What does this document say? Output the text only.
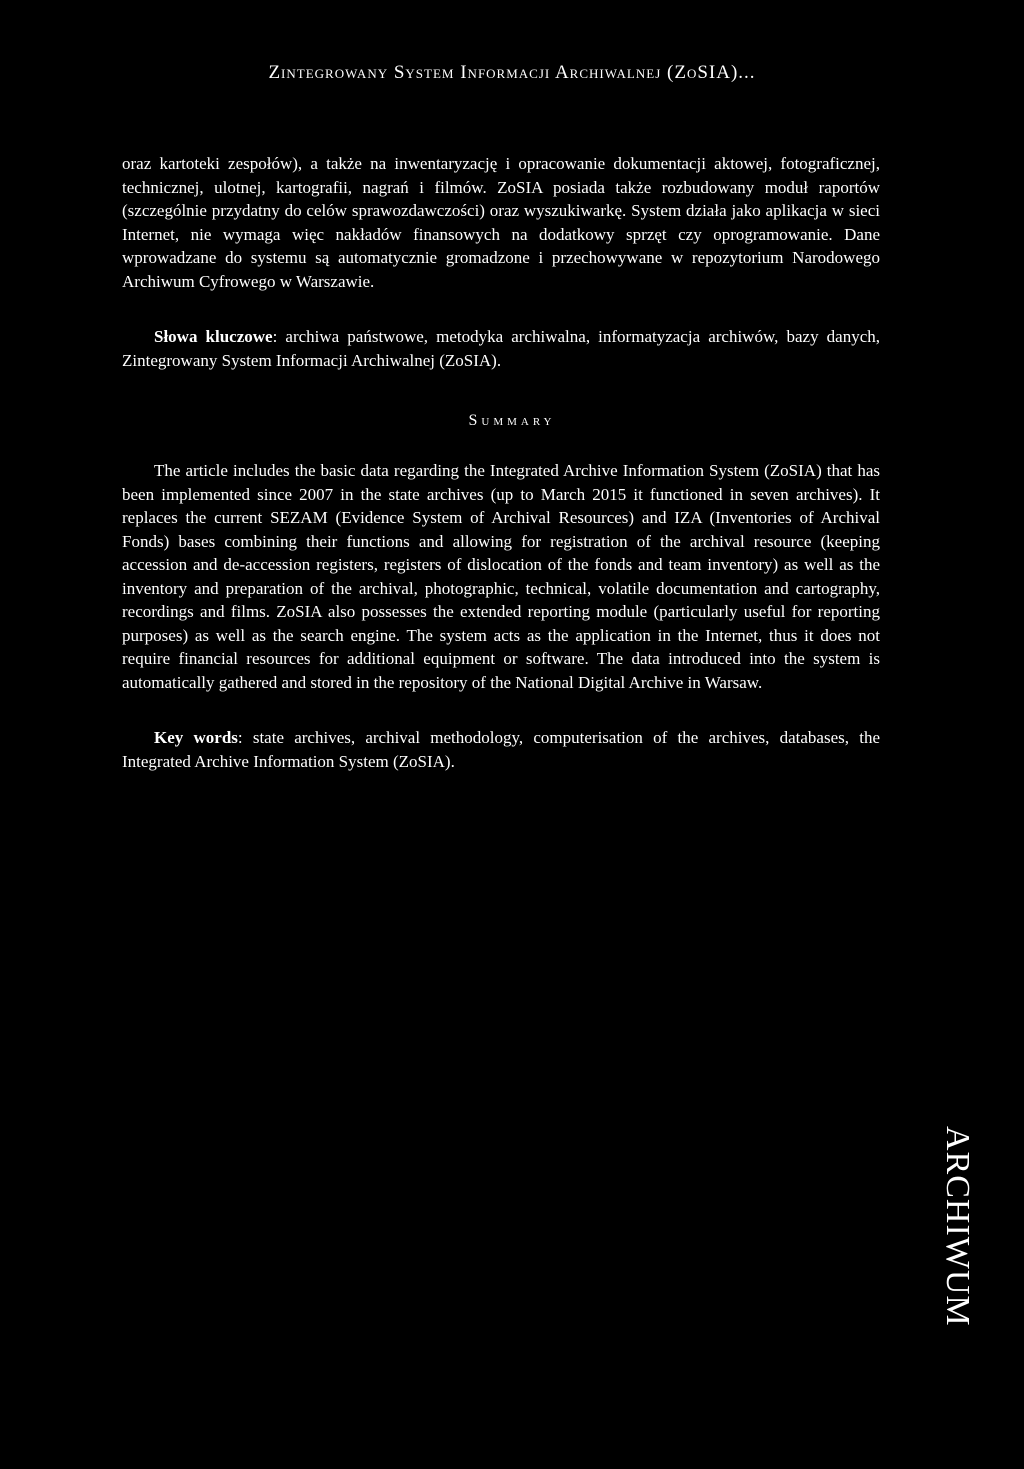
Zintegrowany System Informacji Archiwalnej (ZoSIA)...

oraz kartoteki zespołów), a także na inwentaryzację i opracowanie dokumentacji aktowej, fotograficznej, technicznej, ulotnej, kartografii, nagrań i filmów. ZoSIA posiada także rozbudowany moduł raportów (szczególnie przydatny do celów sprawozdawczości) oraz wyszukiwarkę. System działa jako aplikacja w sieci Internet, nie wymaga więc nakładów finansowych na dodatkowy sprzęt czy oprogramowanie. Dane wprowadzane do systemu są automatycznie gromadzone i przechowywane w repozytorium Narodowego Archiwum Cyfrowego w Warszawie.

Słowa kluczowe: archiwa państwowe, metodyka archiwalna, informatyzacja archiwów, bazy danych, Zintegrowany System Informacji Archiwalnej (ZoSIA).

Summary

The article includes the basic data regarding the Integrated Archive Information System (ZoSIA) that has been implemented since 2007 in the state archives (up to March 2015 it functioned in seven archives). It replaces the current SEZAM (Evidence System of Archival Resources) and IZA (Inventories of Archival Fonds) bases combining their functions and allowing for registration of the archival resource (keeping accession and de-accession registers, registers of dislocation of the fonds and team inventory) as well as the inventory and preparation of the archival, photographic, technical, volatile documentation and cartography, recordings and films. ZoSIA also possesses the extended reporting module (particularly useful for reporting purposes) as well as the search engine. The system acts as the application in the Internet, thus it does not require financial resources for additional equipment or software. The data introduced into the system is automatically gathered and stored in the repository of the National Digital Archive in Warsaw.

Key words: state archives, archival methodology, computerisation of the archives, databases, the Integrated Archive Information System (ZoSIA).

ARCHIWUM
